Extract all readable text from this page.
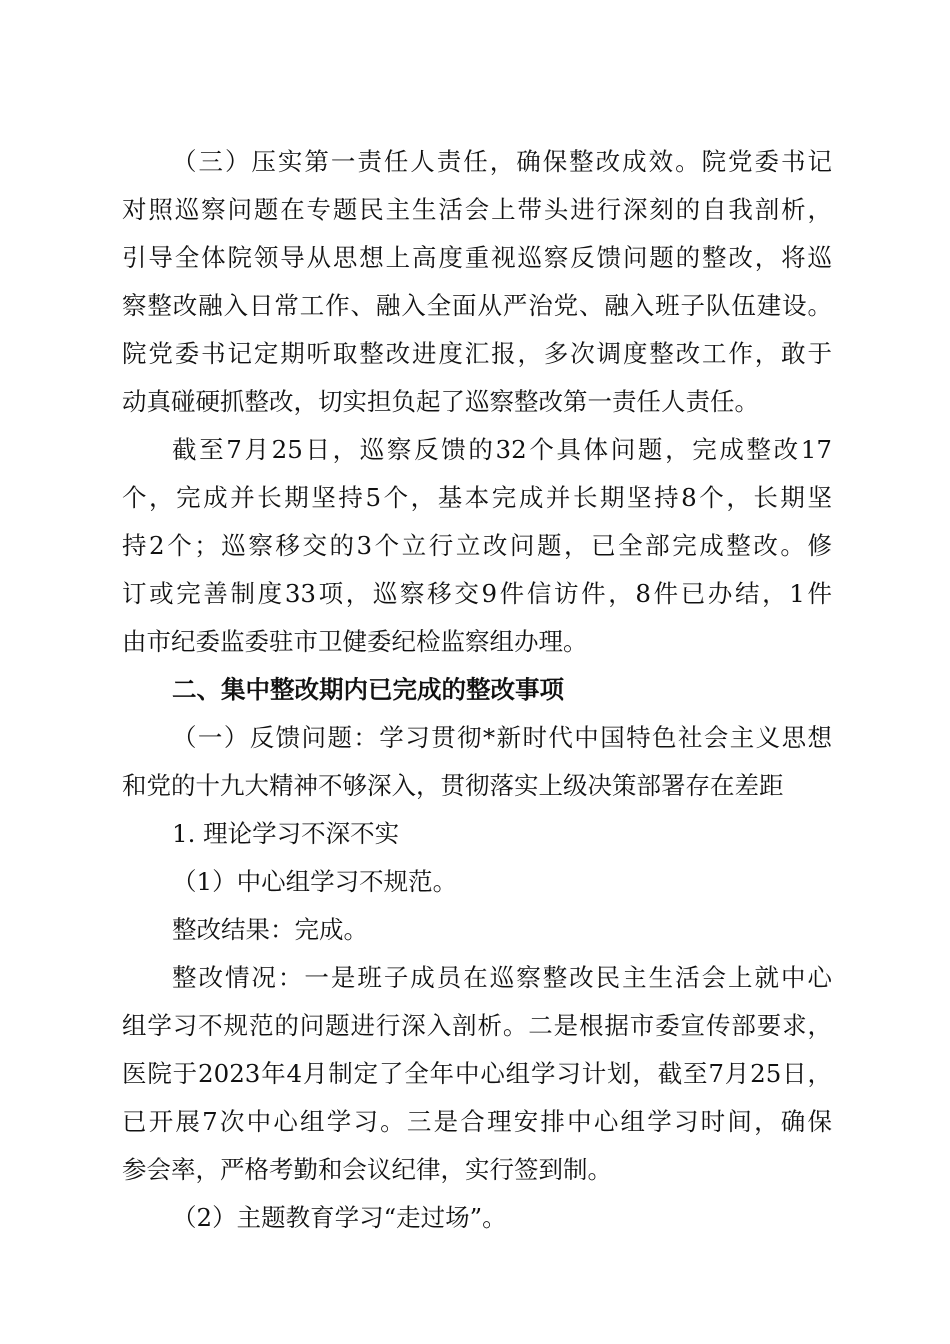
（三）压实第一责任人责任，确保整改成效。院党委书记
对照巡察问题在专题民主生活会上带头进行深刻的自我剖析，
引导全体院领导从思想上高度重视巡察反馈问题的整改，将巡
察整改融入日常工作、融入全面从严治党、融入班子队伍建设。
院党委书记定期听取整改进度汇报，多次调度整改工作，敢于
动真碰硬抓整改，切实担负起了巡察整改第一责任人责任。
截至7月25日，巡察反馈的32个具体问题，完成整改17
个，完成并长期坚持5个，基本完成并长期坚持8个，长期坚
持2个；巡察移交的3个立行立改问题，已全部完成整改。修
订或完善制度33项，巡察移交9件信访件，8件已办结，1件
由市纪委监委驻市卫健委纪检监察组办理。
二、集中整改期内已完成的整改事项
（一）反馈问题：学习贯彻*新时代中国特色社会主义思想
和党的十九大精神不够深入，贯彻落实上级决策部署存在差距
1. 理论学习不深不实
（1）中心组学习不规范。
整改结果：完成。
整改情况：一是班子成员在巡察整改民主生活会上就中心
组学习不规范的问题进行深入剖析。二是根据市委宣传部要求，
医院于2023年4月制定了全年中心组学习计划，截至7月25日，
已开展7次中心组学习。三是合理安排中心组学习时间，确保
参会率，严格考勤和会议纪律，实行签到制。
（2）主题教育学习“走过场”。
